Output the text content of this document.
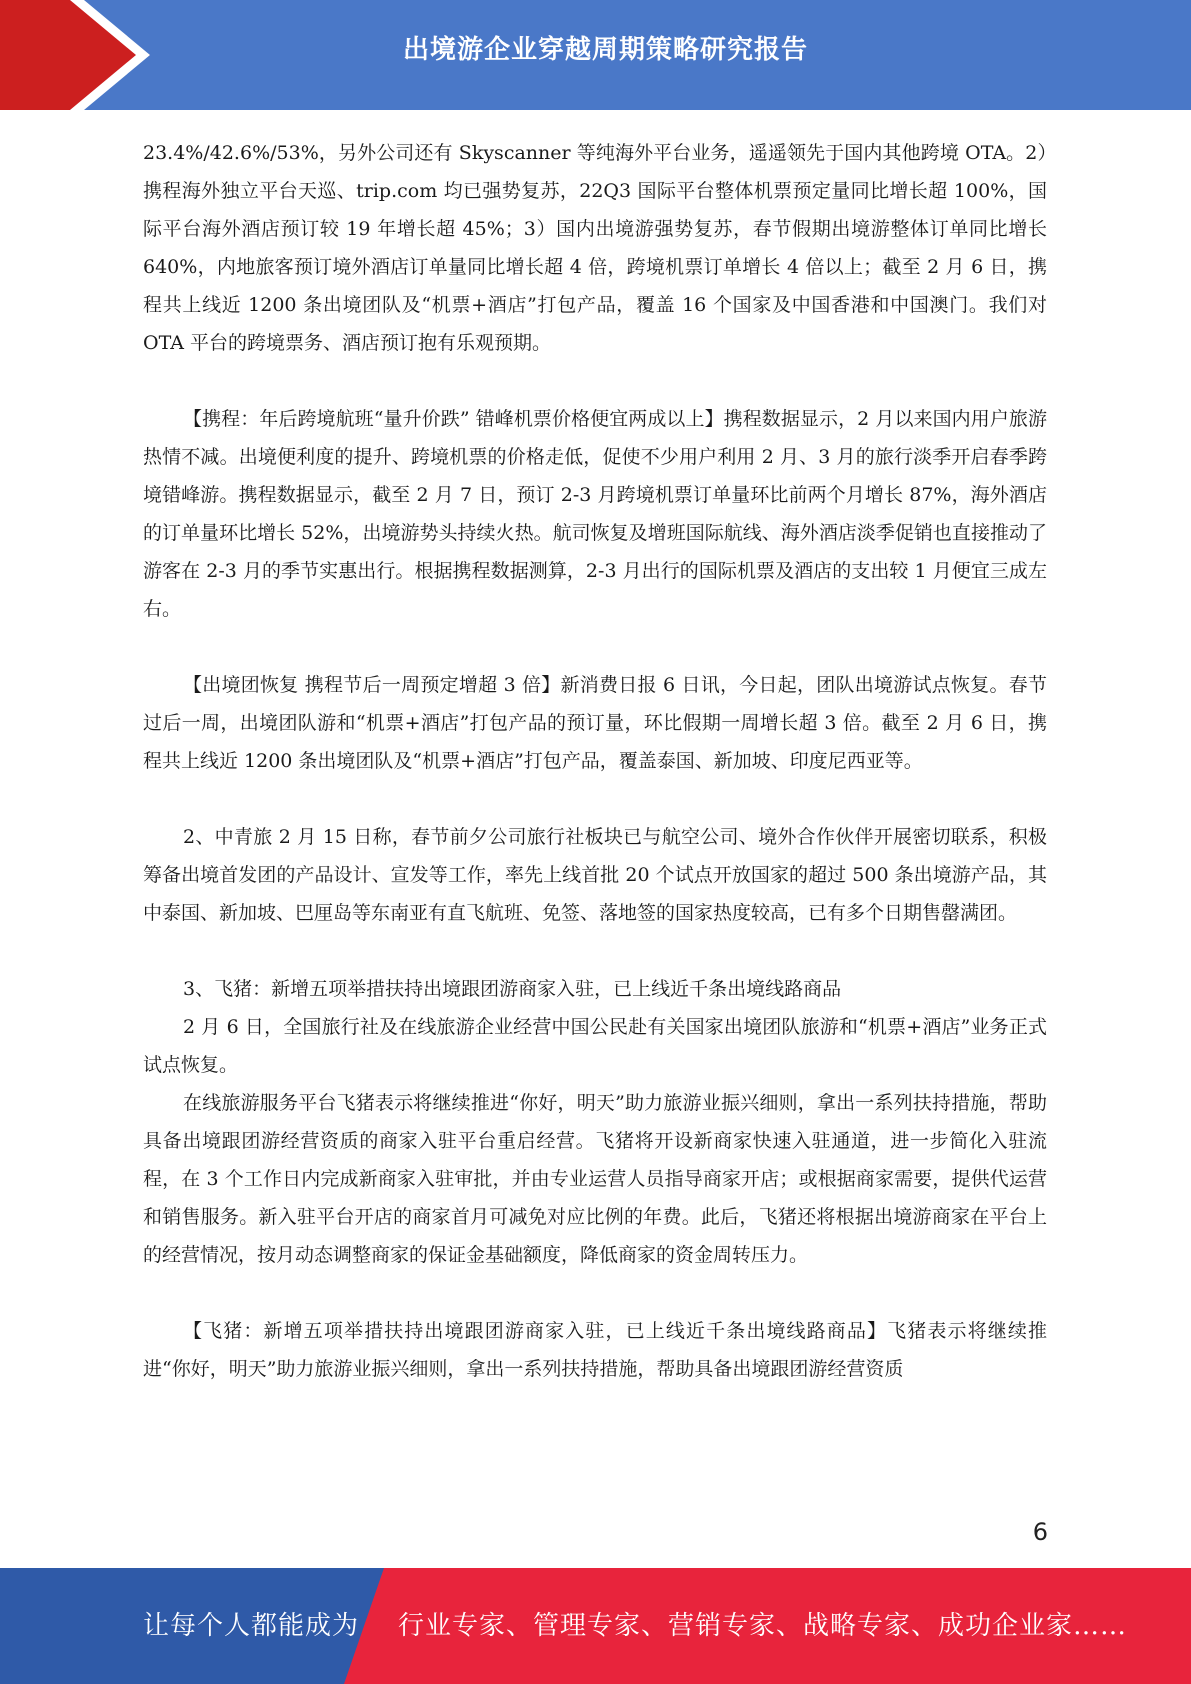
出境游企业穿越周期策略研究报告

23.4%/42.6%/53%，另外公司还有 Skyscanner 等纯海外平台业务，遥遥领先于国内其他跨境 OTA。2）携程海外独立平台天巡、trip.com 均已强势复苏，22Q3 国际平台整体机票预定量同比增长超 100%，国际平台海外酒店预订较 19 年增长超 45%；3）国内出境游强势复苏，春节假期出境游整体订单同比增长 640%，内地旅客预订境外酒店订单量同比增长超 4 倍，跨境机票订单增长 4 倍以上；截至 2 月 6 日，携程共上线近 1200 条出境团队及“机票+酒店”打包产品，覆盖 16 个国家及中国香港和中国澳门。我们对 OTA 平台的跨境票务、酒店预订抱有乐观预期。

【携程：年后跨境航班“量升价跌” 错峰机票价格便宜两成以上】携程数据显示，2 月以来国内用户旅游热情不减。出境便利度的提升、跨境机票的价格走低，促使不少用户利用 2 月、3 月的旅行淡季开启春季跨境错峰游。携程数据显示，截至 2 月 7 日，预订 2-3 月跨境机票订单量环比前两个月增长 87%，海外酒店的订单量环比增长 52%，出境游势头持续火热。航司恢复及增班国际航线、海外酒店淡季促销也直接推动了游客在 2-3 月的季节实惠出行。根据携程数据测算，2-3 月出行的国际机票及酒店的支出较 1 月便宜三成左右。

【出境团恢复 携程节后一周预定增超 3 倍】新消费日报 6 日讯，今日起，团队出境游试点恢复。春节过后一周，出境团队游和“机票+酒店”打包产品的预订量，环比假期一周增长超 3 倍。截至 2 月 6 日，携程共上线近 1200 条出境团队及“机票+酒店”打包产品，覆盖泰国、新加坡、印度尼西亚等。

2、中青旅 2 月 15 日称，春节前夕公司旅行社板块已与航空公司、境外合作伙伴开展密切联系，积极筹备出境首发团的产品设计、宣发等工作，率先上线首批 20 个试点开放国家的超过 500 条出境游产品，其中泰国、新加坡、巴厘岛等东南亚有直飞航班、免签、落地签的国家热度较高，已有多个日期售罄满团。

3、飞猪：新增五项举措扶持出境跟团游商家入驻，已上线近千条出境线路商品

2 月 6 日，全国旅行社及在线旅游企业经营中国公民赴有关国家出境团队旅游和“机票+酒店”业务正式试点恢复。

在线旅游服务平台飞猪表示将继续推进“你好，明天”助力旅游业振兴细则，拿出一系列扶持措施，帮助具备出境跟团游经营资质的商家入驻平台重启经营。飞猪将开设新商家快速入驻通道，进一步简化入驻流程，在 3 个工作日内完成新商家入驻审批，并由专业运营人员指导商家开店；或根据商家需要，提供代运营和销售服务。新入驻平台开店的商家首月可减免对应比例的年费。此后，飞猪还将根据出境游商家在平台上的经营情况，按月动态调整商家的保证金基础额度，降低商家的资金周转压力。

【飞猪：新增五项举措扶持出境跟团游商家入驻，已上线近千条出境线路商品】飞猪表示将继续推进“你好，明天”助力旅游业振兴细则，拿出一系列扶持措施，帮助具备出境跟团游经营资质

6
让每个人都能成为 行业专家、管理专家、营销专家、战略专家、成功企业家……
